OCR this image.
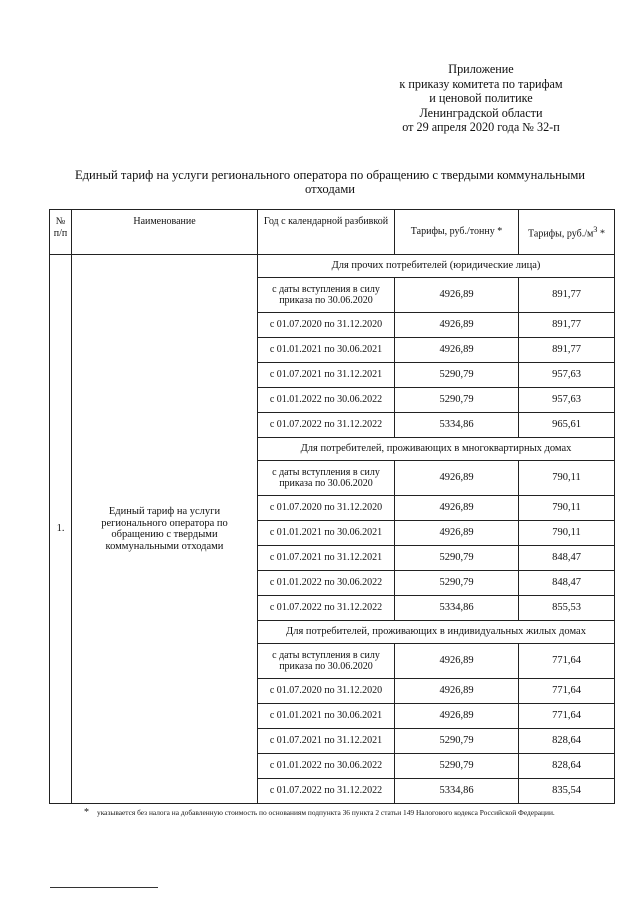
Приложение
к приказу комитета по тарифам
и ценовой политике
Ленинградской области
от 29 апреля 2020 года № 32-п
Единый тариф на услуги регионального оператора по обращению с твердыми коммунальными
отходами
№ п/п	Наименование	Год с календарной разбивкой	Тарифы, руб./тонну *	Тарифы, $руб./м^3$ *
1.	Единый тариф на услуги регионального оператора по обращению с твердыми коммунальными отходами	Для прочих потребителей (юридические лица)		
		с даты вступления в силу приказа по 30.06.2020	4926,89	891,77
		с 01.07.2020 по 31.12.2020	4926,89	891,77
		с 01.01.2021 по 30.06.2021	4926,89	891,77
		с 01.07.2021 по 31.12.2021	5290,79	957,63
		с 01.01.2022 по 30.06.2022	5290,79	957,63
		с 01.07.2022 по 31.12.2022	5334,86	965,61
		Для потребителей, проживающих в многоквартирных домах		
		с даты вступления в силу приказа по 30.06.2020	4926,89	790,11
		с 01.07.2020 по 31.12.2020	4926,89	790,11
		с 01.01.2021 по 30.06.2021	4926,89	790,11
		с 01.07.2021 по 31.12.2021	5290,79	848,47
		с 01.01.2022 по 30.06.2022	5290,79	848,47
		с 01.07.2022 по 31.12.2022	5334,86	855,53
		Для потребителей, проживающих в индивидуальных жилых домах		
		с даты вступления в силу приказа по 30.06.2020	4926,89	771,64
		с 01.07.2020 по 31.12.2020	4926,89	771,64
		с 01.01.2021 по 30.06.2021	4926,89	771,64
		с 01.07.2021 по 31.12.2021	5290,79	828,64
		с 01.01.2022 по 30.06.2022	5290,79	828,64
		с 01.07.2022 по 31.12.2022	5334,86	835,54
* указывается без налога на добавленную стоимость по основаниям подпункта 36 пункта 2 статьи 149 Налогового кодекса Российской Федерации.
